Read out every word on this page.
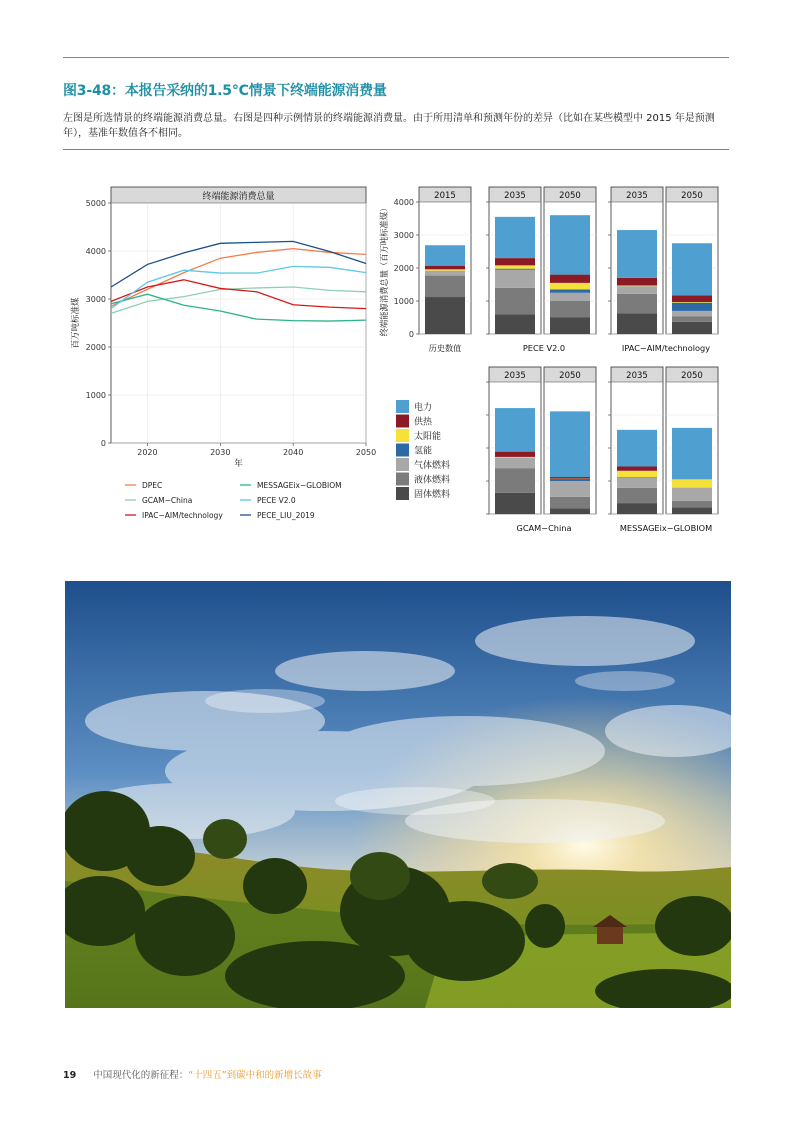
图3-48：本报告采纳的1.5°C情景下终端能源消费量
左图是所选情景的终端能源消费总量。右图是四种示例情景的终端能源消费量。由于所用清单和预测年份的差异（比如在某些模型中 2015 年是预测年），基准年数值各不相同。
终端能源消费总量
0
1000
2000
3000
4000
5000
2020	2030	2040	2050
年
百万吨标准煤
DPEC
GCAM−China
IPAC−AIM/technology
MESSAGEix−GLOBIOM
PECE V2.0
PECE_LIU_2019
2015
0
1000
2000
3000
4000
2035	2050	2035	2050
2035	2050	2035	2050
历史数值	PECE V2.0	IPAC−AIM/technology
GCAM−China	MESSAGEix−GLOBIOM
终端能源消费总量（百万吨标准煤）
电力
供热
太阳能
氢能
气体燃料
液体燃料
固体燃料
19 中国现代化的新征程：“十四五”到碳中和的新增长故事
